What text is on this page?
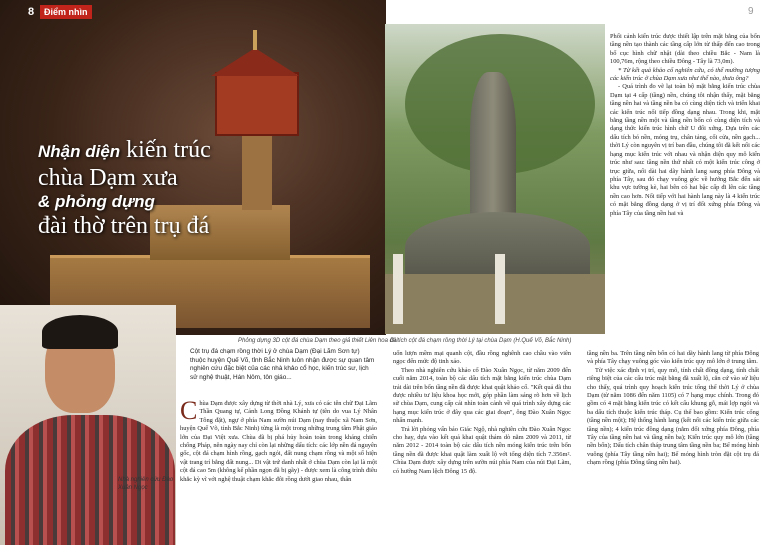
8	Điểm nhìn	9
Nhận diện kiến trúc
chùa Dạm xưa
& phỏng dựng
đài thờ trên trụ đá
Phỏng dựng 3D cột đá chùa Dạm theo giả thiết Liên hoa đài
Nhà nghiên cứu Đào Xuân Ngọc
Cột trụ đá chạm rồng thời Lý ở chùa Dạm (Đại Lãm Sơn tự) thuộc huyện Quế Võ, tỉnh Bắc Ninh luôn nhận được sự quan tâm nghiên cứu đặc biệt của các nhà khảo cổ học, kiến trúc sư, lịch sử nghệ thuật, Hán Nôm, tôn giáo...
Chùa Dạm được xây dựng từ thời nhà Lý, xưa có các tên chữ Đại Lãm Thần Quang tự, Cảnh Long Đồng Khánh tự (tên do vua Lý Nhân Tông đặt), ngự ở phía Nam sườn núi Dạm (nay thuộc xã Nam Sơn, huyện Quế Võ, tỉnh Bắc Ninh) từng là một trong những trung tâm Phật giáo lớn của Đại Việt xưa. Chùa đã bị phá hủy hoàn toàn trong kháng chiến chống Pháp, nên ngày nay chỉ còn lại những dấu tích: các lớp nền đá nguyên gốc, cột đá chạm hình rồng, gạch ngói, đất nung chạm rồng và một số hiện vật trang trí bằng đất nung... Di vật trứ danh nhất ở chùa Dạm còn lại là một cột đá cao 5m (không kể phần ngọn đã bị gãy) - được xem là công trình điêu khắc kỳ vĩ với nghệ thuật chạm khắc đôi rồng dưới giao nhau, thân
uốn lượn mềm mại quanh cột, đầu rồng nghênh cao chầu vào viên ngọc đến mức độ tinh xảo.
Theo nhà nghiên cứu khảo cổ Đào Xuân Ngọc, từ năm 2009 đến cuối năm 2014, toàn bộ các dấu tích mặt bằng kiến trúc chùa Dạm trải dài trên bốn tầng nền đã được khai quật khảo cổ. "Kết quả đã thu được nhiều tư liệu khoa học mới, góp phần làm sáng rõ hơn về lịch sử chùa Dạm, cung cấp cái nhìn toàn cảnh về quá trình xây dựng các hạng mục kiến trúc ở đây qua các giai đoạn", ông Đào Xuân Ngọc nhấn mạnh.
Trả lời phỏng vấn báo Giác Ngộ, nhà nghiên cứu Đào Xuân Ngọc cho hay, dựa vào kết quả khai quật thám dò năm 2009 và 2011, từ năm 2012 - 2014 toàn bộ các dấu tích nền móng kiến trúc trên bốn tầng nền đã được khai quật làm xuất lộ với tổng diện tích 7.356m². Chùa Dạm được xây dựng trên sườn núi phía Nam của núi Đại Lãm, có hướng Nam lệch Đông 15 độ.
Di tích cột đá chạm rồng thời Lý tại chùa Dạm (H.Quế Võ, Bắc Ninh)
Phối cảnh kiến trúc được thiết lập trên mặt bằng của bốn tầng nền tạo thành các tầng cấp lớn từ thấp đến cao trong bố cục hình chữ nhật (dài theo chiều Bắc - Nam là 100,76m, rộng theo chiều Đông - Tây là 73,0m).
* Từ kết quả khảo cổ nghiên cứu, có thể mường tượng các kiến trúc ở chùa Dạm xưa như thế nào, thưa ông?
- Quá trình đo vẽ lại toàn bộ mặt bằng kiến trúc chùa Dạm tại 4 cấp (tầng) nền, chúng tôi nhận thấy, mặt bằng tầng nền hai và tầng nền ba có cùng diện tích và triển khai các kiến trúc nối tiếp đồng dạng nhau. Trong khi, mặt bằng tầng nền một và tầng nền bốn có cùng diện tích và dạng thức kiến trúc hình chữ U đối xứng. Dựa trên các dấu tích bó nền, móng trụ, chân tảng, cối cửa, nền gạch... thời Lý còn nguyên vị trí ban đầu, chúng tôi đã kết nối các hạng mục kiến trúc với nhau và nhận diện quy mô kiến trúc như sau: tầng nền thứ nhất có một kiến trúc công ở trục giữa, nối dài hai dãy hành lang sang phía Đông và phía Tây, sau đó chạy vuông góc về hướng Bắc đến sát khu vực tường kè, hai bên có hai bậc cấp đi lên các tầng nền cao hơn. Nối tiếp với hai hành lang này là 4 kiến trúc có mặt bằng đồng dạng ở vị trí đối xứng phía Đông và phía Tây của tầng nền hai và
tầng nền ba. Trên tầng nền bốn có hai dãy hành lang từ phía Đông và phía Tây chạy vuông góc vào kiến trúc quy mô lớn ở trung tâm.
Từ việc xác định vị trí, quy mô, tính chất đồng dạng, tính chất riêng biệt của các cấu trúc mặt bằng đã xuất lộ, căn cứ vào sử liệu cho thấy, quá trình quy hoạch kiến trúc tổng thể thời Lý ở chùa Dạm (từ năm 1086 đến năm 1105) có 7 hạng mục chính. Trong đó gồm có 4 mặt bằng kiến trúc có kết cấu khung gỗ, mái lợp ngói và ba dấu tích thuộc kiến trúc tháp. Cụ thể bao gồm: Kiến trúc cổng (tầng nền một); Hệ thống hành lang (kết nối các kiến trúc giữa các tầng nền); 4 kiến trúc đồng dạng (nằm đối xứng phía Đông, phía Tây của tầng nền hai và tầng nền ba); Kiến trúc quy mô lớn (tầng nền bốn); Dấu tích chân tháp trung tâm tầng nền ba; Bể móng hình vuông (phía Tây tầng nền hai); Bể móng hình tròn đặt cột trụ đá chạm rồng (phía Đông tầng nền hai).
